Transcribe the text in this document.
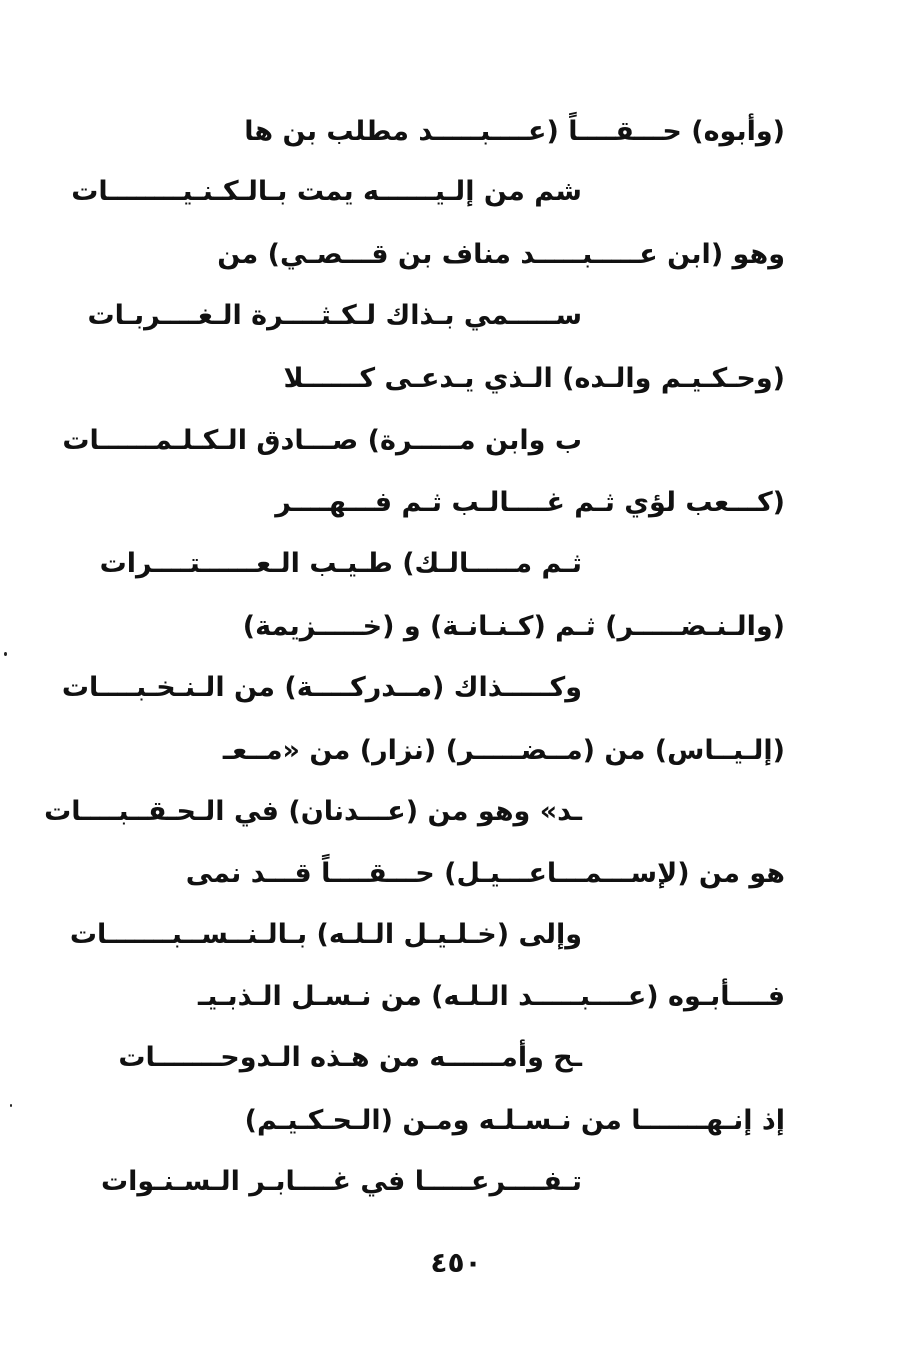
(وأبوه) حـــقــــاً (عــــبـــــد مطلب بن ها
شم من إلـيــــــه يمت بـالـكـنـيــــــــات
وهو (ابن عـــــبـــــد مناف بن قـــصـي) من
ســـــمي بـذاك لـكـثــــرة الـغــــربـات
(وحـكـيـم والـده) الـذي يـدعـى كــــــلا
ب وابن مـــــرة) صـــادق الـكـلـمــــــات
(كـــعب لؤي ثـم غــــالـب ثـم فـــهــــر
ثـم مـــــالـك) طـيـب الـعــــــتــــرات
(والـنـضـــــر) ثـم (كـنـانـة) و (خـــــزيمة)
وكـــــذاك (مــدركــــة) من الـنـخـبــــات
(إلـيــاس) من (مــضـــــر) (نزار) من «مــعـ
ـد» وهو من (عـــدنان) في الـحـقــبــــات
هو من (لإســـمـــاعـــيـل) حـــقــــاً قـــد نمى
وإلى (خـلـيـل الـلـه) بـالـنــســبـــــــات
فــــأبـوه (عــــبـــــد الـلـه) من نـسـل الـذبـيـ
ـح وأمــــــه من هـذه الـدوحـــــــات
إذ إنـهـــــــا من نـسـلـه ومـن (الـحـكـيـم)
تـفــــرعـــــا في غــــابـر الـسـنـوات
٤٥٠
